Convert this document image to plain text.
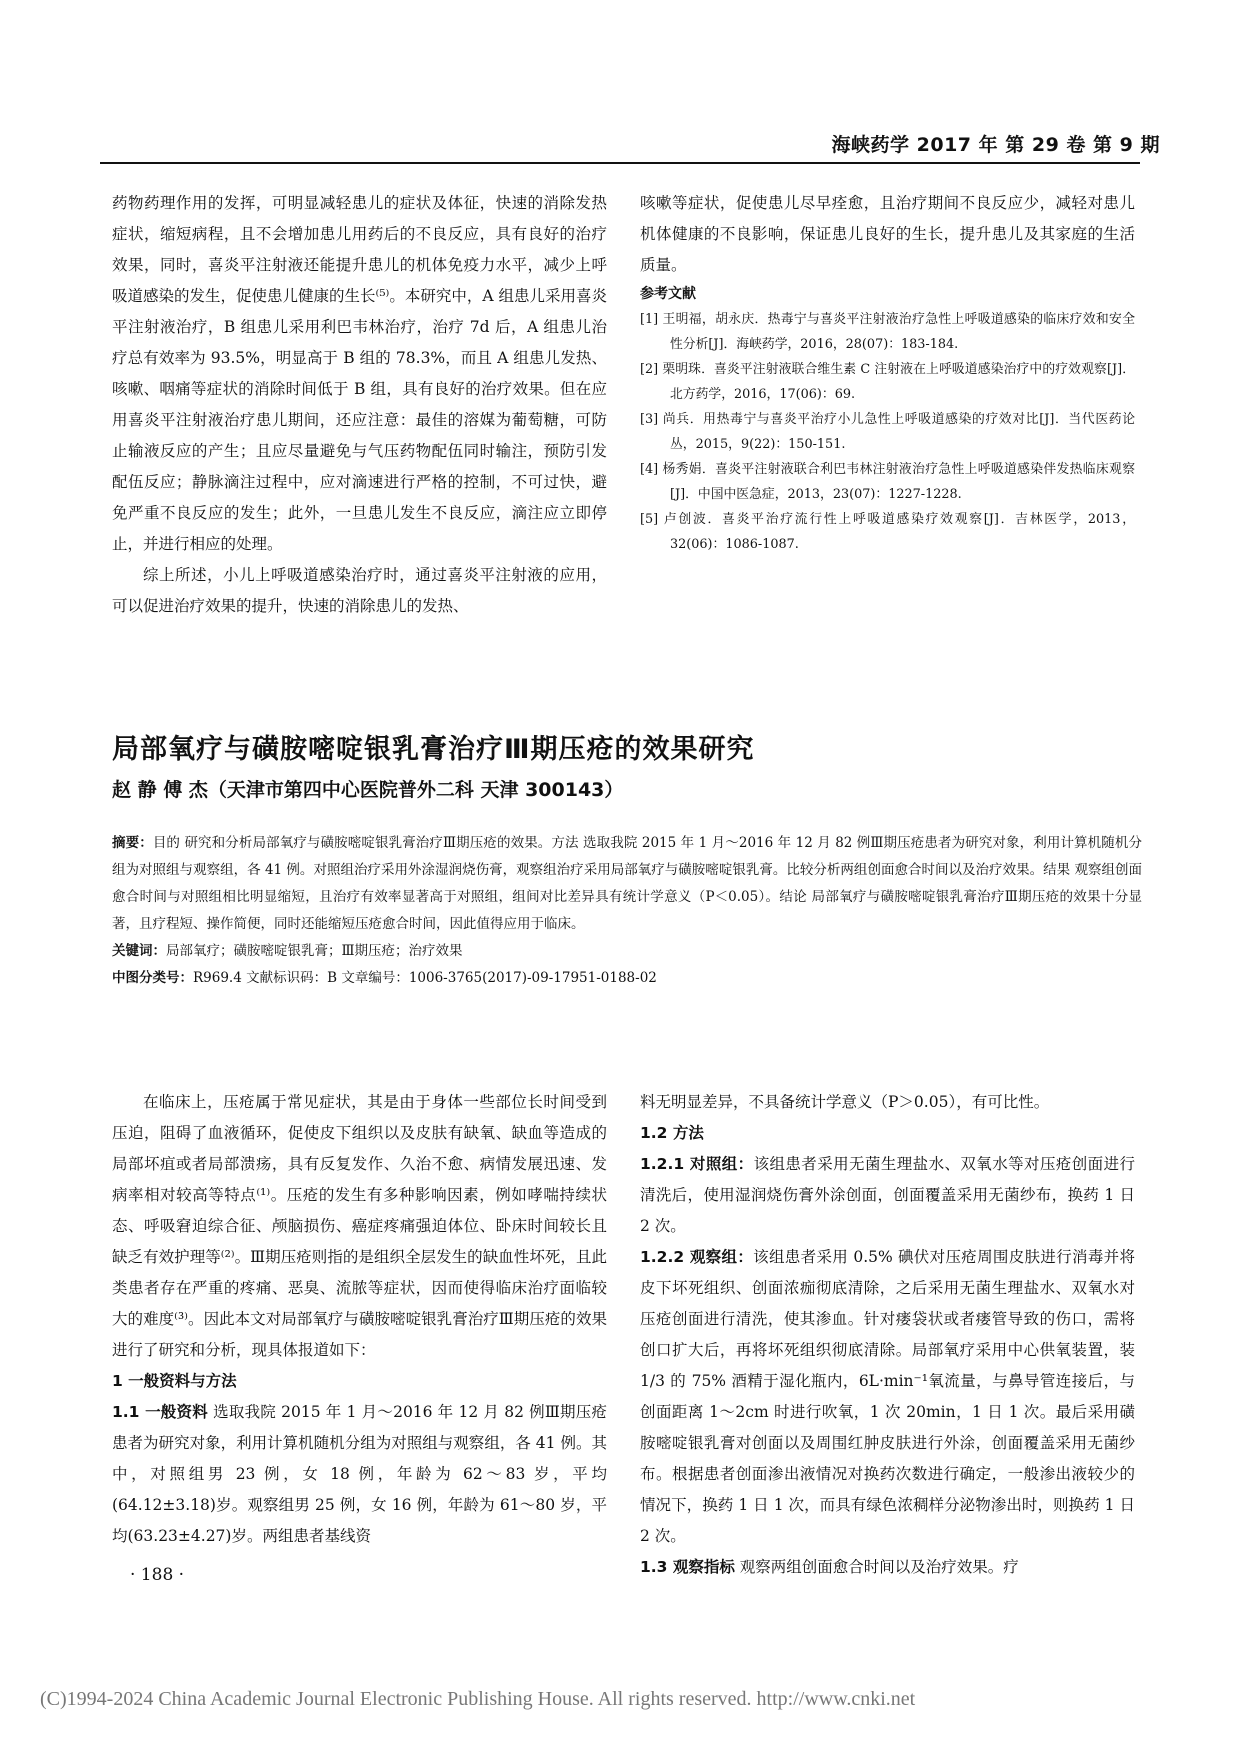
海峡药学 2017 年 第 29 卷 第 9 期

药物药理作用的发挥，可明显减轻患儿的症状及体征，快速的消除发热症状，缩短病程，且不会增加患儿用药后的不良反应，具有良好的治疗效果，同时，喜炎平注射液还能提升患儿的机体免疫力水平，减少上呼吸道感染的发生，促使患儿健康的生长⁽⁵⁾。本研究中，A 组患儿采用喜炎平注射液治疗，B 组患儿采用利巴韦林治疗，治疗 7d 后，A 组患儿治疗总有效率为 93.5%，明显高于 B 组的 78.3%，而且 A 组患儿发热、咳嗽、咽痛等症状的消除时间低于 B 组，具有良好的治疗效果。但在应用喜炎平注射液治疗患儿期间，还应注意：最佳的溶媒为葡萄糖，可防止输液反应的产生；且应尽量避免与气压药物配伍同时输注，预防引发配伍反应；静脉滴注过程中，应对滴速进行严格的控制，不可过快，避免严重不良反应的发生；此外，一旦患儿发生不良反应，滴注应立即停止，并进行相应的处理。

综上所述，小儿上呼吸道感染治疗时，通过喜炎平注射液的应用，可以促进治疗效果的提升，快速的消除患儿的发热、

咳嗽等症状，促使患儿尽早痊愈，且治疗期间不良反应少，减轻对患儿机体健康的不良影响，保证患儿良好的生长，提升患儿及其家庭的生活质量。

参考文献
[1] 王明福，胡永庆．热毒宁与喜炎平注射液治疗急性上呼吸道感染的临床疗效和安全性分析[J]．海峡药学，2016，28(07)：183-184.
[2] 栗明珠．喜炎平注射液联合维生素 C 注射液在上呼吸道感染治疗中的疗效观察[J]．北方药学，2016，17(06)：69.
[3] 尚兵．用热毒宁与喜炎平治疗小儿急性上呼吸道感染的疗效对比[J]．当代医药论丛，2015，9(22)：150-151.
[4] 杨秀娟．喜炎平注射液联合利巴韦林注射液治疗急性上呼吸道感染伴发热临床观察[J]．中国中医急症，2013，23(07)：1227-1228.
[5] 卢创波．喜炎平治疗流行性上呼吸道感染疗效观察[J]．吉林医学，2013，32(06)：1086-1087.
局部氧疗与磺胺嘧啶银乳膏治疗Ⅲ期压疮的效果研究
赵 静 傅 杰（天津市第四中心医院普外二科 天津 300143）
摘要：目的 研究和分析局部氧疗与磺胺嘧啶银乳膏治疗Ⅲ期压疮的效果。方法 选取我院 2015 年 1 月～2016 年 12 月 82 例Ⅲ期压疮患者为研究对象，利用计算机随机分组为对照组与观察组，各 41 例。对照组治疗采用外涂湿润烧伤膏，观察组治疗采用局部氧疗与磺胺嘧啶银乳膏。比较分析两组创面愈合时间以及治疗效果。结果 观察组创面愈合时间与对照组相比明显缩短，且治疗有效率显著高于对照组，组间对比差异具有统计学意义（P＜0.05）。结论 局部氧疗与磺胺嘧啶银乳膏治疗Ⅲ期压疮的效果十分显著，且疗程短、操作简便，同时还能缩短压疮愈合时间，因此值得应用于临床。
关键词：局部氧疗；磺胺嘧啶银乳膏；Ⅲ期压疮；治疗效果
中图分类号：R969.4 文献标识码：B 文章编号：1006-3765(2017)-09-17951-0188-02

在临床上，压疮属于常见症状，其是由于身体一些部位长时间受到压迫，阻碍了血液循环，促使皮下组织以及皮肤有缺氧、缺血等造成的局部坏疽或者局部溃疡，具有反复发作、久治不愈、病情发展迅速、发病率相对较高等特点⁽¹⁾。压疮的发生有多种影响因素，例如哮喘持续状态、呼吸窘迫综合征、颅脑损伤、癌症疼痛强迫体位、卧床时间较长且缺乏有效护理等⁽²⁾。Ⅲ期压疮则指的是组织全层发生的缺血性坏死，且此类患者存在严重的疼痛、恶臭、流脓等症状，因而使得临床治疗面临较大的难度⁽³⁾。因此本文对局部氧疗与磺胺嘧啶银乳膏治疗Ⅲ期压疮的效果进行了研究和分析，现具体报道如下：

1 一般资料与方法

1.1 一般资料 选取我院 2015 年 1 月～2016 年 12 月 82 例Ⅲ期压疮患者为研究对象，利用计算机随机分组为对照组与观察组，各 41 例。其中，对照组男 23 例，女 18 例，年龄为 62～83 岁，平均(64.12±3.18)岁。观察组男 25 例，女 16 例，年龄为 61～80 岁，平均(63.23±4.27)岁。两组患者基线资

料无明显差异，不具备统计学意义（P＞0.05），有可比性。

1.2 方法

1.2.1 对照组：该组患者采用无菌生理盐水、双氧水等对压疮创面进行清洗后，使用湿润烧伤膏外涂创面，创面覆盖采用无菌纱布，换药 1 日 2 次。

1.2.2 观察组：该组患者采用 0.5% 碘伏对压疮周围皮肤进行消毒并将皮下坏死组织、创面浓痂彻底清除，之后采用无菌生理盐水、双氧水对压疮创面进行清洗，使其渗血。针对瘘袋状或者瘘管导致的伤口，需将创口扩大后，再将坏死组织彻底清除。局部氧疗采用中心供氧装置，装 1/3 的 75% 酒精于湿化瓶内，6L·min⁻¹氧流量，与鼻导管连接后，与创面距离 1～2cm 时进行吹氧，1 次 20min，1 日 1 次。最后采用磺胺嘧啶银乳膏对创面以及周围红肿皮肤进行外涂，创面覆盖采用无菌纱布。根据患者创面渗出液情况对换药次数进行确定，一般渗出液较少的情况下，换药 1 日 1 次，而具有绿色浓稠样分泌物渗出时，则换药 1 日 2 次。

1.3 观察指标 观察两组创面愈合时间以及治疗效果。疗

· 188 ·
(C)1994-2024 China Academic Journal Electronic Publishing House. All rights reserved. http://www.cnki.net
